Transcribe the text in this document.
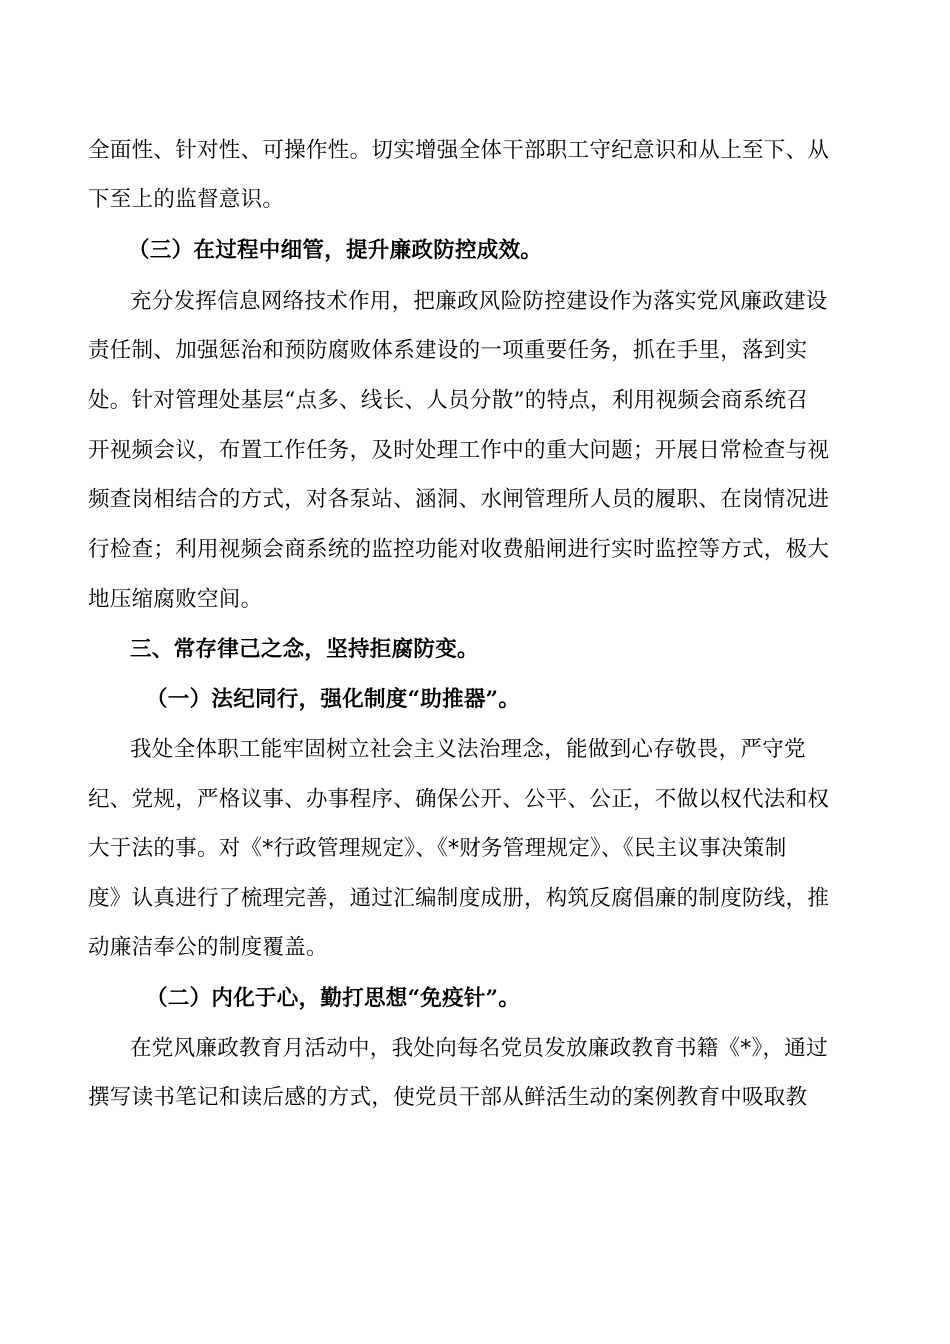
全面性、针对性、可操作性。切实增强全体干部职工守纪意识和从上至下、从
下至上的监督意识。
（三）在过程中细管，提升廉政防控成效。
充分发挥信息网络技术作用，把廉政风险防控建设作为落实党风廉政建设
责任制、加强惩治和预防腐败体系建设的一项重要任务，抓在手里，落到实
处。针对管理处基层“点多、线长、人员分散”的特点，利用视频会商系统召
开视频会议，布置工作任务，及时处理工作中的重大问题；开展日常检查与视
频查岗相结合的方式，对各泵站、涵洞、水闸管理所人员的履职、在岗情况进
行检查；利用视频会商系统的监控功能对收费船闸进行实时监控等方式，极大
地压缩腐败空间。
三、常存律己之念，坚持拒腐防变。
（一）法纪同行，强化制度“助推器”。
我处全体职工能牢固树立社会主义法治理念，能做到心存敬畏，严守党
纪、党规，严格议事、办事程序、确保公开、公平、公正，不做以权代法和权
大于法的事。对《*行政管理规定》、《*财务管理规定》、《民主议事决策制
度》认真进行了梳理完善，通过汇编制度成册，构筑反腐倡廉的制度防线，推
动廉洁奉公的制度覆盖。
（二）内化于心，勤打思想“免疫针”。
在党风廉政教育月活动中，我处向每名党员发放廉政教育书籍《*》，通过
撰写读书笔记和读后感的方式，使党员干部从鲜活生动的案例教育中吸取教
